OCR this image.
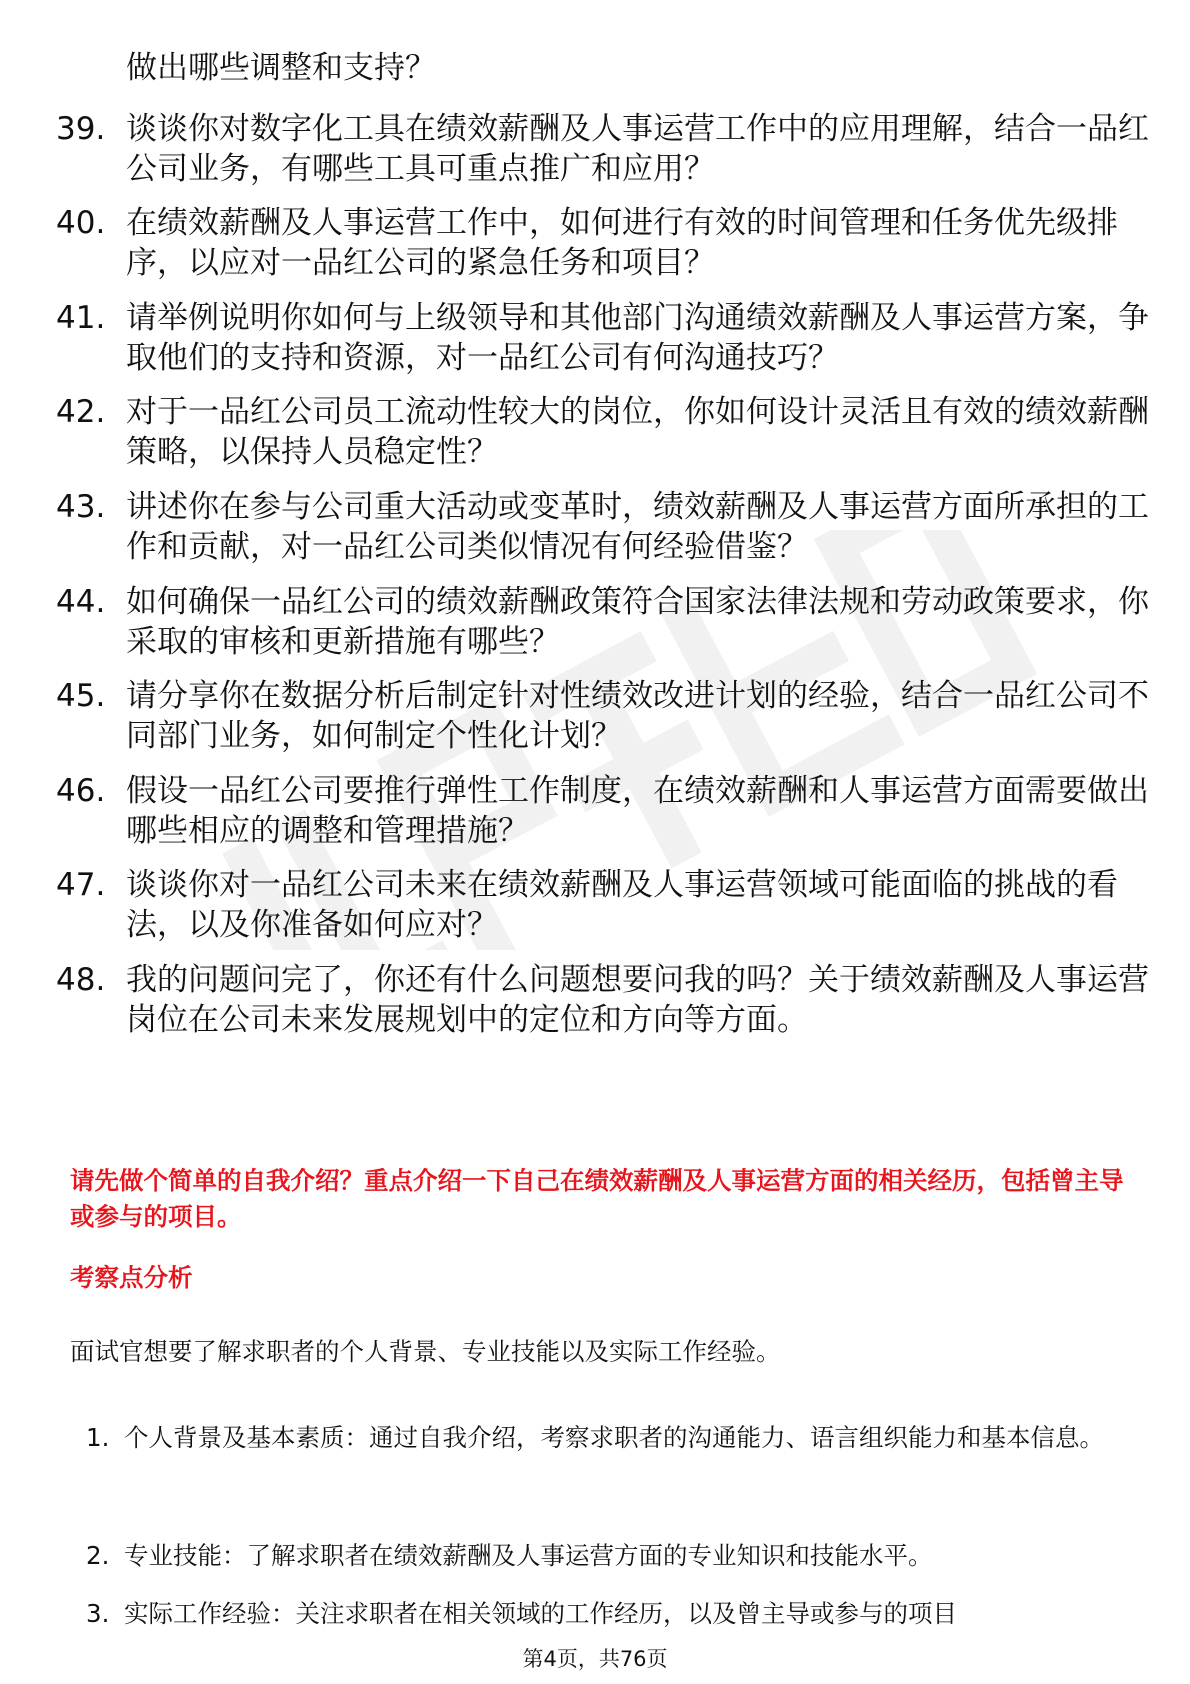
做出哪些调整和支持？
39. 谈谈你对数字化工具在绩效薪酬及人事运营工作中的应用理解，结合一品红公司业务，有哪些工具可重点推广和应用？
40. 在绩效薪酬及人事运营工作中，如何进行有效的时间管理和任务优先级排序，以应对一品红公司的紧急任务和项目？
41. 请举例说明你如何与上级领导和其他部门沟通绩效薪酬及人事运营方案，争取他们的支持和资源，对一品红公司有何沟通技巧？
42. 对于一品红公司员工流动性较大的岗位，你如何设计灵活且有效的绩效薪酬策略，以保持人员稳定性？
43. 讲述你在参与公司重大活动或变革时，绩效薪酬及人事运营方面所承担的工作和贡献，对一品红公司类似情况有何经验借鉴？
44. 如何确保一品红公司的绩效薪酬政策符合国家法律法规和劳动政策要求，你采取的审核和更新措施有哪些？
45. 请分享你在数据分析后制定针对性绩效改进计划的经验，结合一品红公司不同部门业务，如何制定个性化计划？
46. 假设一品红公司要推行弹性工作制度，在绩效薪酬和人事运营方面需要做出哪些相应的调整和管理措施？
47. 谈谈你对一品红公司未来在绩效薪酬及人事运营领域可能面临的挑战的看法，以及你准备如何应对？
48. 我的问题问完了，你还有什么问题想要问我的吗？关于绩效薪酬及人事运营岗位在公司未来发展规划中的定位和方向等方面。
请先做个简单的自我介绍？重点介绍一下自己在绩效薪酬及人事运营方面的相关经历，包括曾主导或参与的项目。
考察点分析
面试官想要了解求职者的个人背景、专业技能以及实际工作经验。
1. 个人背景及基本素质：通过自我介绍，考察求职者的沟通能力、语言组织能力和基本信息。
2. 专业技能：了解求职者在绩效薪酬及人事运营方面的专业知识和技能水平。
3. 实际工作经验：关注求职者在相关领域的工作经历，以及曾主导或参与的项目
第4页，共76页
